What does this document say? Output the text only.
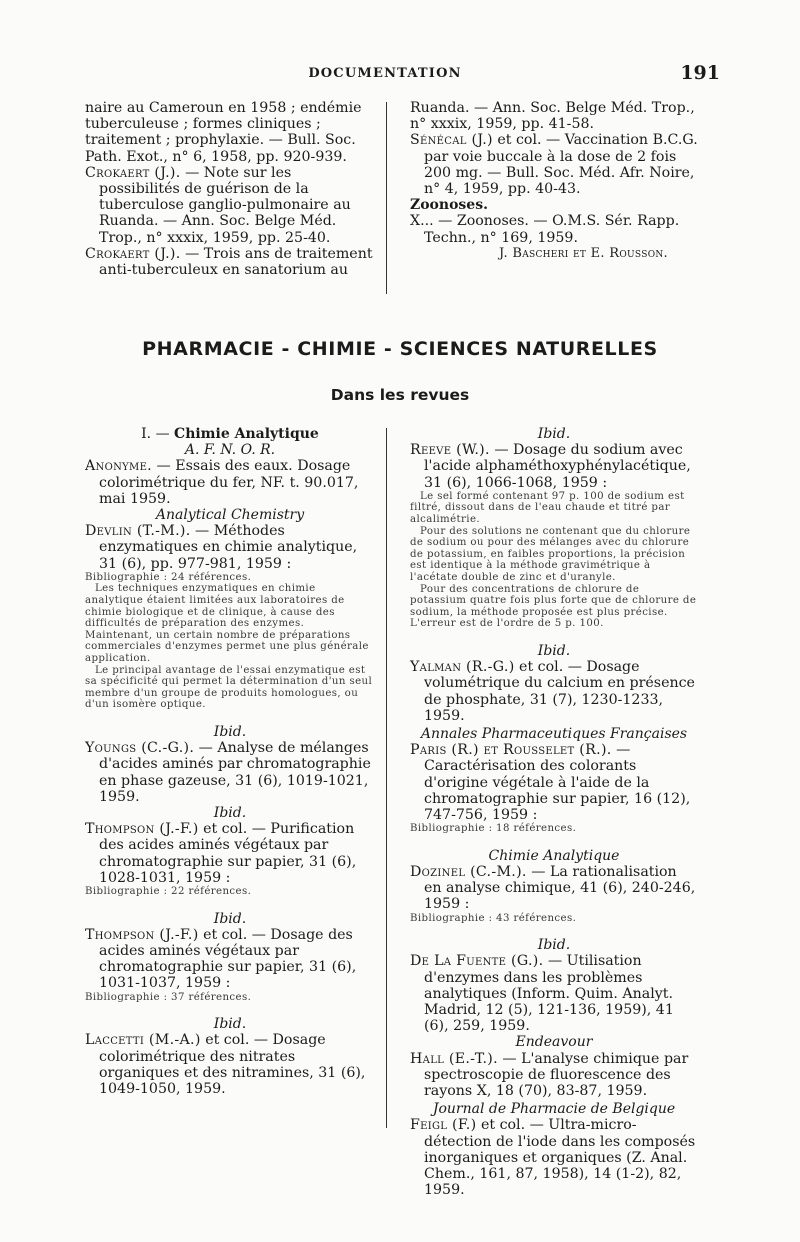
DOCUMENTATION	191

naire au Cameroun en 1958 ; endémie tuberculeuse ; formes cliniques ; traitement ; prophylaxie. — Bull. Soc. Path. Exot., n° 6, 1958, pp. 920-939.

Crokaert (J.). — Note sur les possibilités de guérison de la tuberculose ganglio-pulmonaire au Ruanda. — Ann. Soc. Belge Méd. Trop., n° xxxix, 1959, pp. 25-40.

Crokaert (J.). — Trois ans de traitement anti-tuberculeux en sanatorium au

Ruanda. — Ann. Soc. Belge Méd. Trop., n° xxxix, 1959, pp. 41-58.

Sénécal (J.) et col. — Vaccination B.C.G. par voie buccale à la dose de 2 fois 200 mg. — Bull. Soc. Méd. Afr. Noire, n° 4, 1959, pp. 40-43.

Zoonoses.

X... — Zoonoses. — O.M.S. Sér. Rapp. Techn., n° 169, 1959.

J. Bascheri et E. Rousson.

PHARMACIE - CHIMIE - SCIENCES NATURELLES
Dans les revues

I. — Chimie Analytique

A. F. N. O. R.

Anonyme. — Essais des eaux. Dosage colorimétrique du fer, NF. t. 90.017, mai 1959.

Analytical Chemistry

Devlin (T.-M.). — Méthodes enzymatiques en chimie analytique, 31 (6), pp. 977-981, 1959 :

Bibliographie : 24 références.

Les techniques enzymatiques en chimie analytique étaient limitées aux laboratoires de chimie biologique et de clinique, à cause des difficultés de préparation des enzymes. Maintenant, un certain nombre de préparations commerciales d'enzymes permet une plus générale application.

Le principal avantage de l'essai enzymatique est sa spécificité qui permet la détermination d'un seul membre d'un groupe de produits homologues, ou d'un isomère optique.

Ibid.

Youngs (C.-G.). — Analyse de mélanges d'acides aminés par chromatographie en phase gazeuse, 31 (6), 1019-1021, 1959.

Ibid.

Thompson (J.-F.) et col. — Purification des acides aminés végétaux par chromatographie sur papier, 31 (6), 1028-1031, 1959 :

Bibliographie : 22 références.

Ibid.

Thompson (J.-F.) et col. — Dosage des acides aminés végétaux par chromatographie sur papier, 31 (6), 1031-1037, 1959 :

Bibliographie : 37 références.

Ibid.

Laccetti (M.-A.) et col. — Dosage colorimétrique des nitrates organiques et des nitramines, 31 (6), 1049-1050, 1959.

Ibid.

Reeve (W.). — Dosage du sodium avec l'acide alphaméthoxyphénylacétique, 31 (6), 1066-1068, 1959 :

Le sel formé contenant 97 p. 100 de sodium est filtré, dissout dans de l'eau chaude et titré par alcalimétrie.

Pour des solutions ne contenant que du chlorure de sodium ou pour des mélanges avec du chlorure de potassium, en faibles proportions, la précision est identique à la méthode gravimétrique à l'acétate double de zinc et d'uranyle.

Pour des concentrations de chlorure de potassium quatre fois plus forte que de chlorure de sodium, la méthode proposée est plus précise. L'erreur est de l'ordre de 5 p. 100.

Ibid.

Yalman (R.-G.) et col. — Dosage volumétrique du calcium en présence de phosphate, 31 (7), 1230-1233, 1959.

Annales Pharmaceutiques Françaises

Paris (R.) et Rousselet (R.). — Caractérisation des colorants d'origine végétale à l'aide de la chromatographie sur papier, 16 (12), 747-756, 1959 :

Bibliographie : 18 références.

Chimie Analytique

Dozinel (C.-M.). — La rationalisation en analyse chimique, 41 (6), 240-246, 1959 :

Bibliographie : 43 références.

Ibid.

De La Fuente (G.). — Utilisation d'enzymes dans les problèmes analytiques (Inform. Quim. Analyt. Madrid, 12 (5), 121-136, 1959), 41 (6), 259, 1959.

Endeavour

Hall (E.-T.). — L'analyse chimique par spectroscopie de fluorescence des rayons X, 18 (70), 83-87, 1959.

Journal de Pharmacie de Belgique

Feigl (F.) et col. — Ultra-micro-détection de l'iode dans les composés inorganiques et organiques (Z. Anal. Chem., 161, 87, 1958), 14 (1-2), 82, 1959.
